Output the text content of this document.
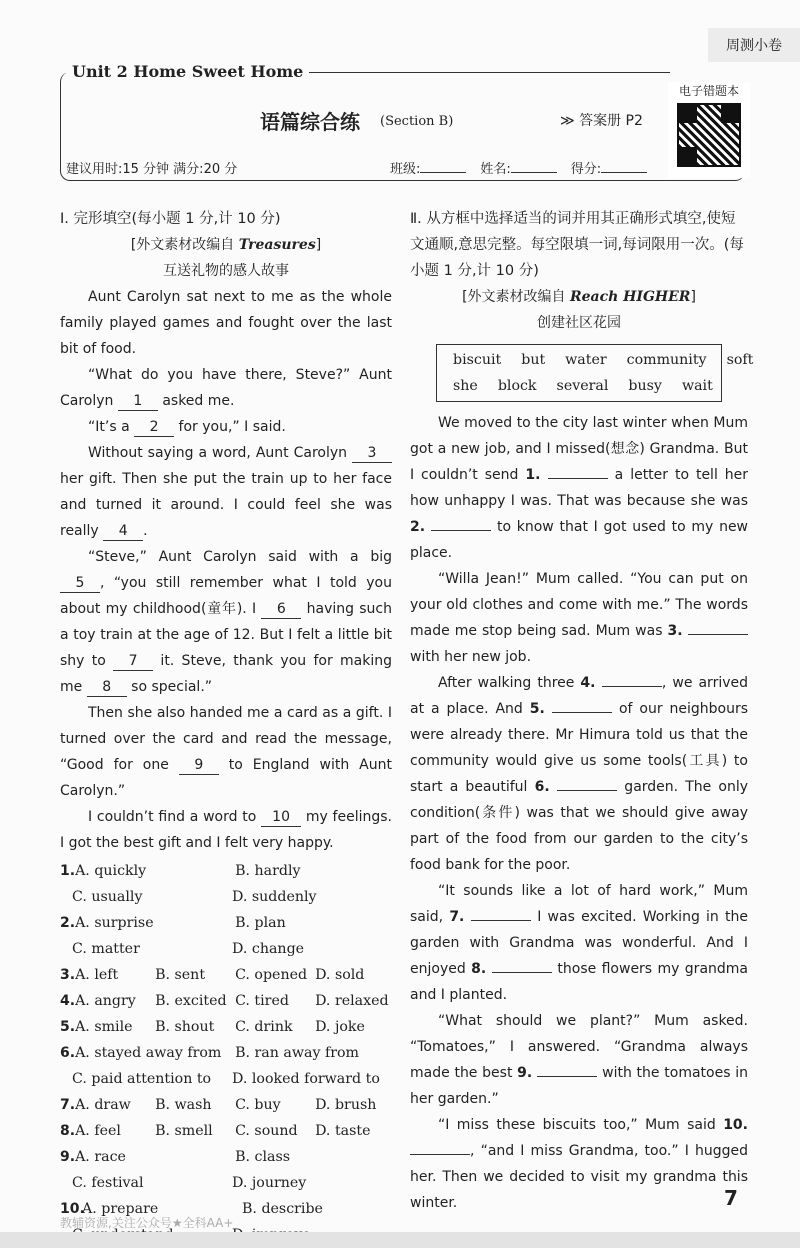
周测小卷
Unit 2 Home Sweet Home
语篇综合练 (Section B)	≫ 答案册 P2
建议用时:15 分钟 满分:20 分	班级:	姓名:	得分:
电子错题本
Ⅰ. 完形填空(每小题 1 分,计 10 分)
[外文素材改编自 Treasures]
互送礼物的感人故事

Aunt Carolyn sat next to me as the whole family played games and fought over the last bit of food.

“What do you have there, Steve?” Aunt Carolyn 1 asked me.

“It’s a 2 for you,” I said.

Without saying a word, Aunt Carolyn 3 her gift. Then she put the train up to her face and turned it around. I could feel she was really 4 .

“Steve,” Aunt Carolyn said with a big 5 , “you still remember what I told you about my childhood(童年). I 6 having such a toy train at the age of 12. But I felt a little bit shy to 7 it. Steve, thank you for making me 8 so special.”

Then she also handed me a card as a gift. I turned over the card and read the message, “Good for one 9 to England with Aunt Carolyn.”

I couldn’t find a word to 10 my feelings. I got the best gift and I felt very happy.

1. A. quickly	B. hardly
C. usually	D. suddenly
2. A. surprise	B. plan
C. matter	D. change
3. A. left	B. sent	C. opened D. sold
4. A. angry	B. excited C. tired	D. relaxed
5. A. smile	B. shout	C. drink	D. joke
6. A. stayed away from B. ran away from
C. paid attention to	D. looked forward to
7. A. draw	B. wash	C. buy	D. brush
8. A. feel	B. smell	C. sound	D. taste
9. A. race	B. class
C. festival	D. journey
10.
A. prepare	B. describe
Ⅱ. 从方框中选择适当的词并用其正确形式填空,使短文通顺,意思完整。每空限填一词,每词限用一次。(每小题 1 分,计 10 分)
[外文素材改编自 Reach HIGHER]
创建社区花园
biscuit but water community soft
she block several busy wait

We moved to the city last winter when Mum got a new job, and I missed(想念) Grandma. But I couldn’t send 1.	a letter to tell her how unhappy I was. That was because she was 2.	to know that I got used to my new place.

“Willa Jean!” Mum called. “You can put on your old clothes and come with me.” The words made me stop being sad. Mum was 3.  with her new job.

After walking three 4.	, we arrived at a place. And 5.	of our neighbours were already there. Mr Himura told us that the community would give us some tools(工具) to start a beautiful 6.	garden. The only condition(条件) was that we should give away part of the food from our garden to the city’s food bank for the poor.

“It sounds like a lot of hard work,” Mum said, 7.	I was excited. Working in the garden with Grandma was wonderful. And I enjoyed 8.	those flowers my grandma and I planted.

“What should we plant?” Mum asked. “Tomatoes,” I answered. “Grandma always made the best 9.	with the tomatoes in her garden.”

“I miss these biscuits too,” Mum said 10. , “and I miss Grandma, too.” I hugged her. Then we decided to visit my grandma this winter.	7
教辅资源,关注公众号★全科AA+
